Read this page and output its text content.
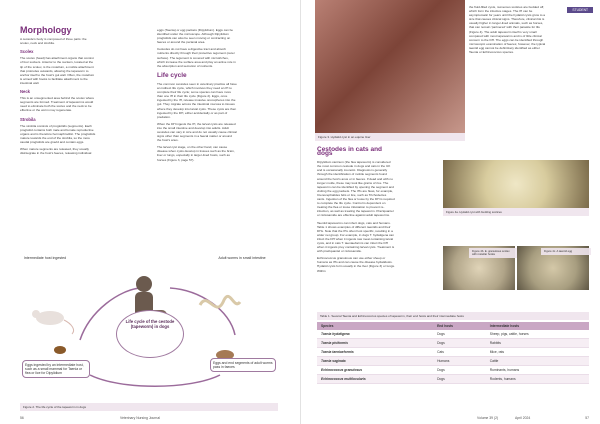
Morphology

A cestode's body is composed of three parts: the scolex, neck and strobila.

Scolex

The scolex (head) has attachment organs that consist of four suckers. Anterior to the suckers, located at the tip of the scolex, is the rostellum, a mobile attachment that protrudes outwards, allowing the tapeworm to anchor itself to the host's gut wall. Often, the rostellum is armed with hooks to facilitate attachment to the intestinal wall.

Neck

This is an unsegmented area behind the scolex where segments are formed. Treatment of tapeworms would need to eliminate both the scolex and the neck to be effective or the worm may regenerate.

Strobila

The strobila consists of proglottids (segments). Each proglottid contains both male and female reproductive organs and is therefore hermaphroditic. The proglottids mature towards the end of the strobila, so the more caudal proglottids are gravid and contain eggs.

When mature segments are released, they usually disintegrate in the host's faeces, releasing individual

eggs (Taenia) or egg packets (Dipylidium). Eggs can be identified under the microscope. Although Dipylidium proglottids can also be seen moving or contracting on faeces or around the perianal area.

Cestodes do not have a digestive tract and absorb nutrients directly through their protective tegument (outer surface). The tegument is covered with microtriches, which increase the surface area and play an active role in the absorption and secretion of nutrients.

Life cycle

The common cestodes seen in veterinary practice all have an indirect life cycle, which involves they need an IH to complete their life cycle; some species can have more than one IH in their life cycle (Figure 2). Eggs, once ingested by the IH, release invasive oncospheres into the gut. They migrate across the intestinal mucosa to tissues where they develop into larval cysts. These cysts are then ingested by the DH, either accidentally or as part of predation.

When the DH ingests the IH, the larval cysts are released into the small intestine and develop into adults. Adult cestodes can vary in size and do not usually cause clinical signs other than segments in a faecal matter or around the host's anus.

The larval cyst stage, on the other hand, can cause disease when cysts develop in tissues such as the brain, liver or lungs, especially in larger-lived hosts, such as horses (Figure 3, page 57).

Intermediate host ingested	Adult worms in small intestine
Eggs ingested by an intermediate host, such as a small mammal for Taenia or flea or lice for Dipylidium
Life cycle of the cestode (tapeworm) in dogs
Eggs and end segments of adult worms pass in faeces
Figure 2. The life cycle of the tapeworm in dogs
56	Veterinary Nursing Journal
STUDENT
Figure 3. Hydatid cyst in an equine liver
Cestodes in cats and dogs

Dipylidium caninum (the flea tapeworm) is considered the most common cestode in dogs and cats in the UK and is occasionally zoonotic. Diagnosis is generally through the identification of mobile segments found around the host's anus or in faeces. If dead and with no longer motile, these may look like grains of rice. The tapeworm can be identified by opening the segment and visiting the egg packets. The IHs are fleas, for example, Ctenocephalides felis or lice, such as Trichodectes canis. Ingestion of the flea or louse by the DH is required to complete the life cycle. Control is dependent on treating the flea or louse infestation to prevent re-infection, as well as treating the tapeworm. Praziquantel or niclosamide are effective against adult tapeworms.

Taeniid tapeworms can infect dogs, cats and humans. Table 1 shows examples of different taeniids and their DHs. Note that the IHs often host specific, resulting in a wider net group. For example, in dogs T. hydatigena can infect the DH when it ingests raw meat containing larval cysts, and in cats T. taeniaeformis can infect the DH when it ingests prey containing larval cysts. Treatment is with praziquantel or niclosamide.

Echinococcus granulosus can use either sheep or humans as IHs and can cause the disease hydatidosis. Hydatid cysts form usually in the liver (Figure 3) or lungs. Within

the fluid-filled cysts, numerous scolices are budded off, which form the infective stages. The IH can be asymptomatic for years until the hydatid cysts grow to a size that causes clinical signs. Therefore, clinical risk is usually higher in longer-lived animals, such as horses, that can remain 'partnered' with their parasite for life (Figure 4). The adult tapeworm itself is very small compared with most tapeworms and is of little clinical concern to the DH. The eggs can be identified through microscopic examination of faeces; however, the typical taeniid egg cannot be definitively identified as either Taenia or Echinococcus species.

Figure 4a. Hydatid cyst with budding scolices
Figure 4b. E. granulosus scolex with rostellar hooks
Figure 4c. A taeniid egg
Table 1. Several Taenia and Echinococcus species of tapeworm, their end hosts and their intermediate hosts
Species	End hosts	Intermediate hosts
Taenia hydatigena	Dogs	Sheep, pigs, cattle, horses
Taenia pisiformis	Dogs	Rabbits
Taenia taeniaeformis	Cats	Mice, rats
Taenia saginata	Humans	Cattle
Echinococcus granulosus	Dogs	Ruminants, humans
Echinococcus multilocularis	Dogs	Rodents, humans
Volume 39 (2)	April 2024	57
